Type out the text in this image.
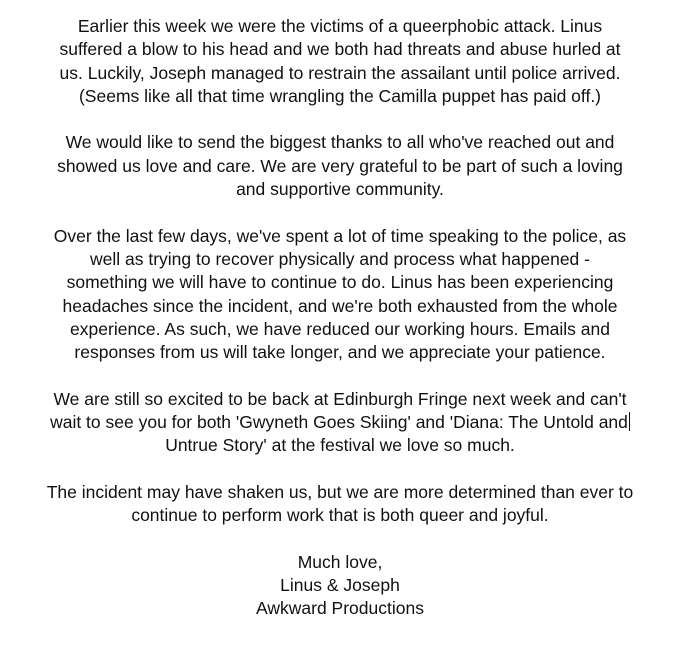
Earlier this week we were the victims of a queerphobic attack. Linus
suffered a blow to his head and we both had threats and abuse hurled at
us. Luckily, Joseph managed to restrain the assailant until police arrived.
(Seems like all that time wrangling the Camilla puppet has paid off.)

We would like to send the biggest thanks to all who've reached out and
showed us love and care. We are very grateful to be part of such a loving
and supportive community.

Over the last few days, we've spent a lot of time speaking to the police, as
well as trying to recover physically and process what happened -
something we will have to continue to do. Linus has been experiencing
headaches since the incident, and we're both exhausted from the whole
experience. As such, we have reduced our working hours. Emails and
responses from us will take longer, and we appreciate your patience.

We are still so excited to be back at Edinburgh Fringe next week and can't
wait to see you for both 'Gwyneth Goes Skiing' and 'Diana: The Untold and
Untrue Story' at the festival we love so much.

The incident may have shaken us, but we are more determined than ever to
continue to perform work that is both queer and joyful.

Much love,
Linus & Joseph
Awkward Productions
